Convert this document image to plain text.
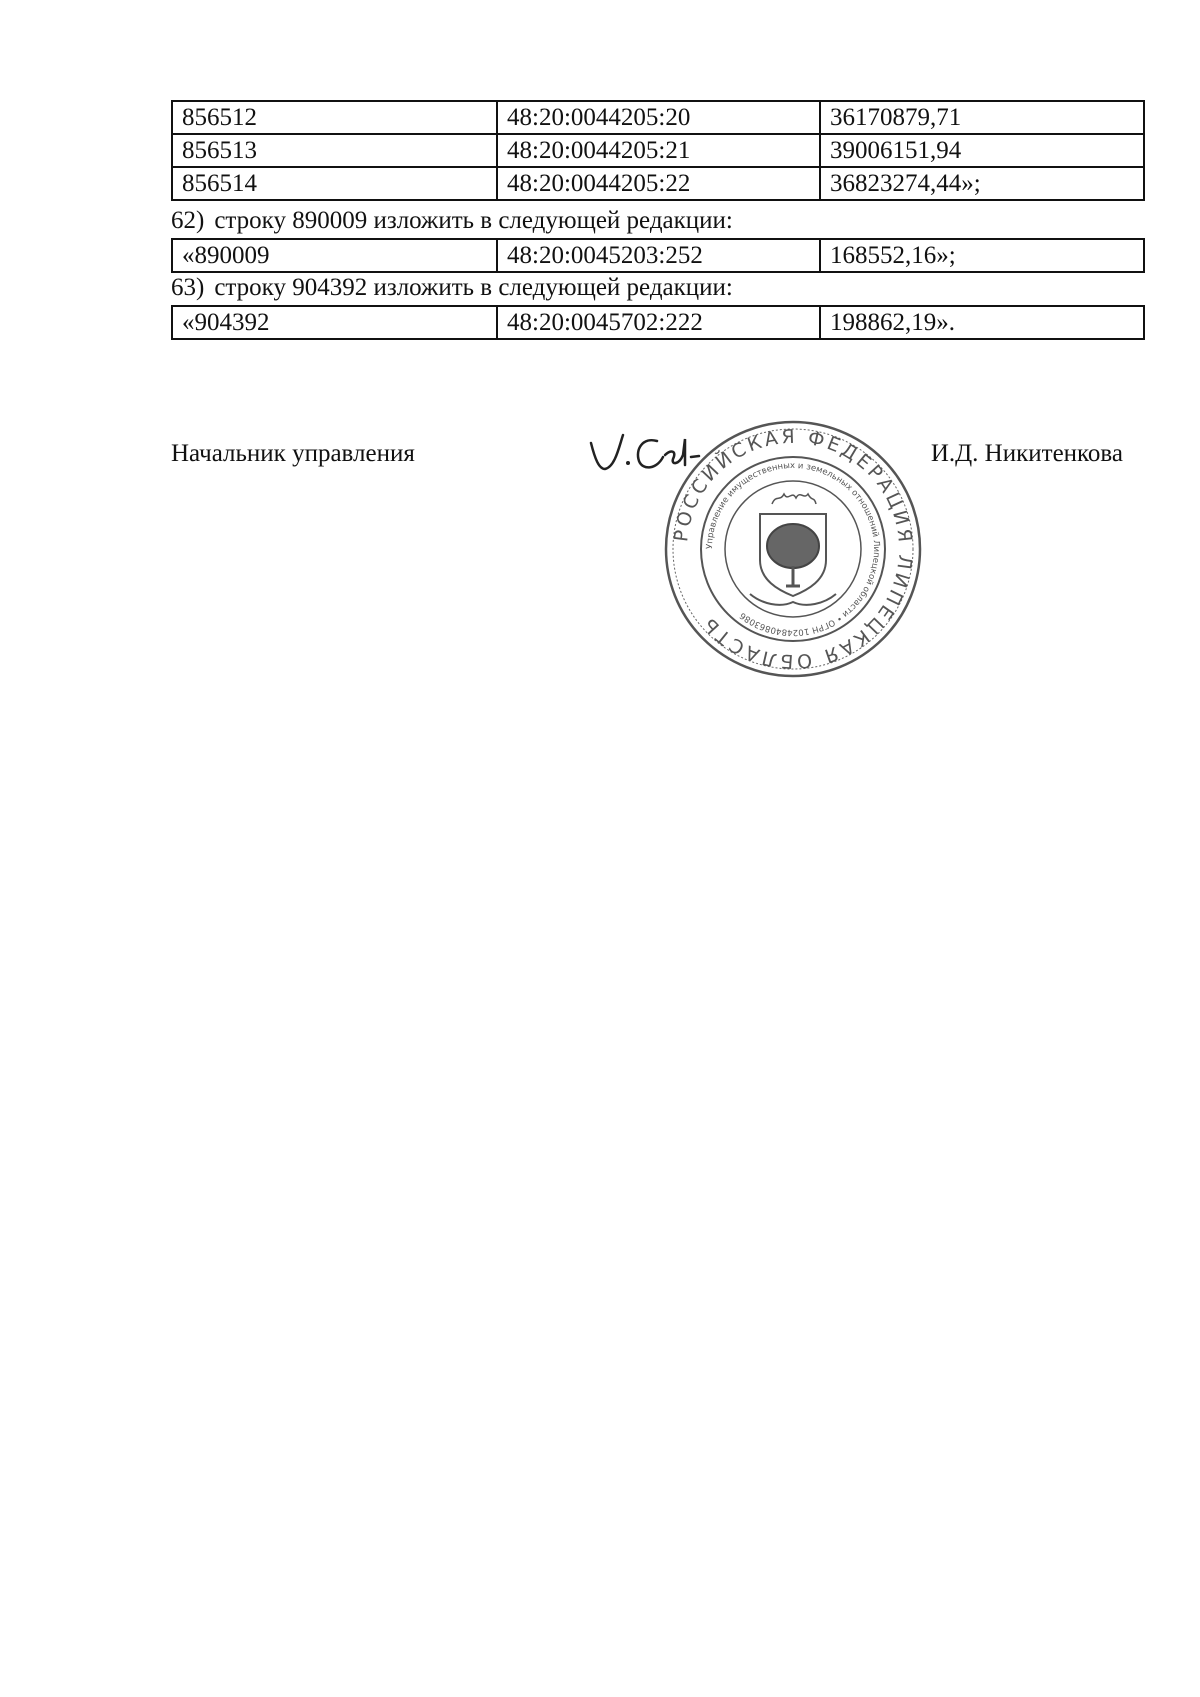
856512	48:20:0044205:20	36170879,71
856513	48:20:0044205:21	39006151,94
856514	48:20:0044205:22	36823274,44»;
62) строку 890009 изложить в следующей редакции:
«890009	48:20:0045203:252	168552,16»;
63) строку 904392 изложить в следующей редакции:
«904392	48:20:0045702:222	198862,19».
Начальник управления
РОССИЙСКАЯ ФЕДЕРАЦИЯ ЛИПЕЦКАЯ ОБЛАСТЬ
Управление имущественных и земельных отношений Липецкой области • ОГРН 1024840863086
И.Д. Никитенкова
